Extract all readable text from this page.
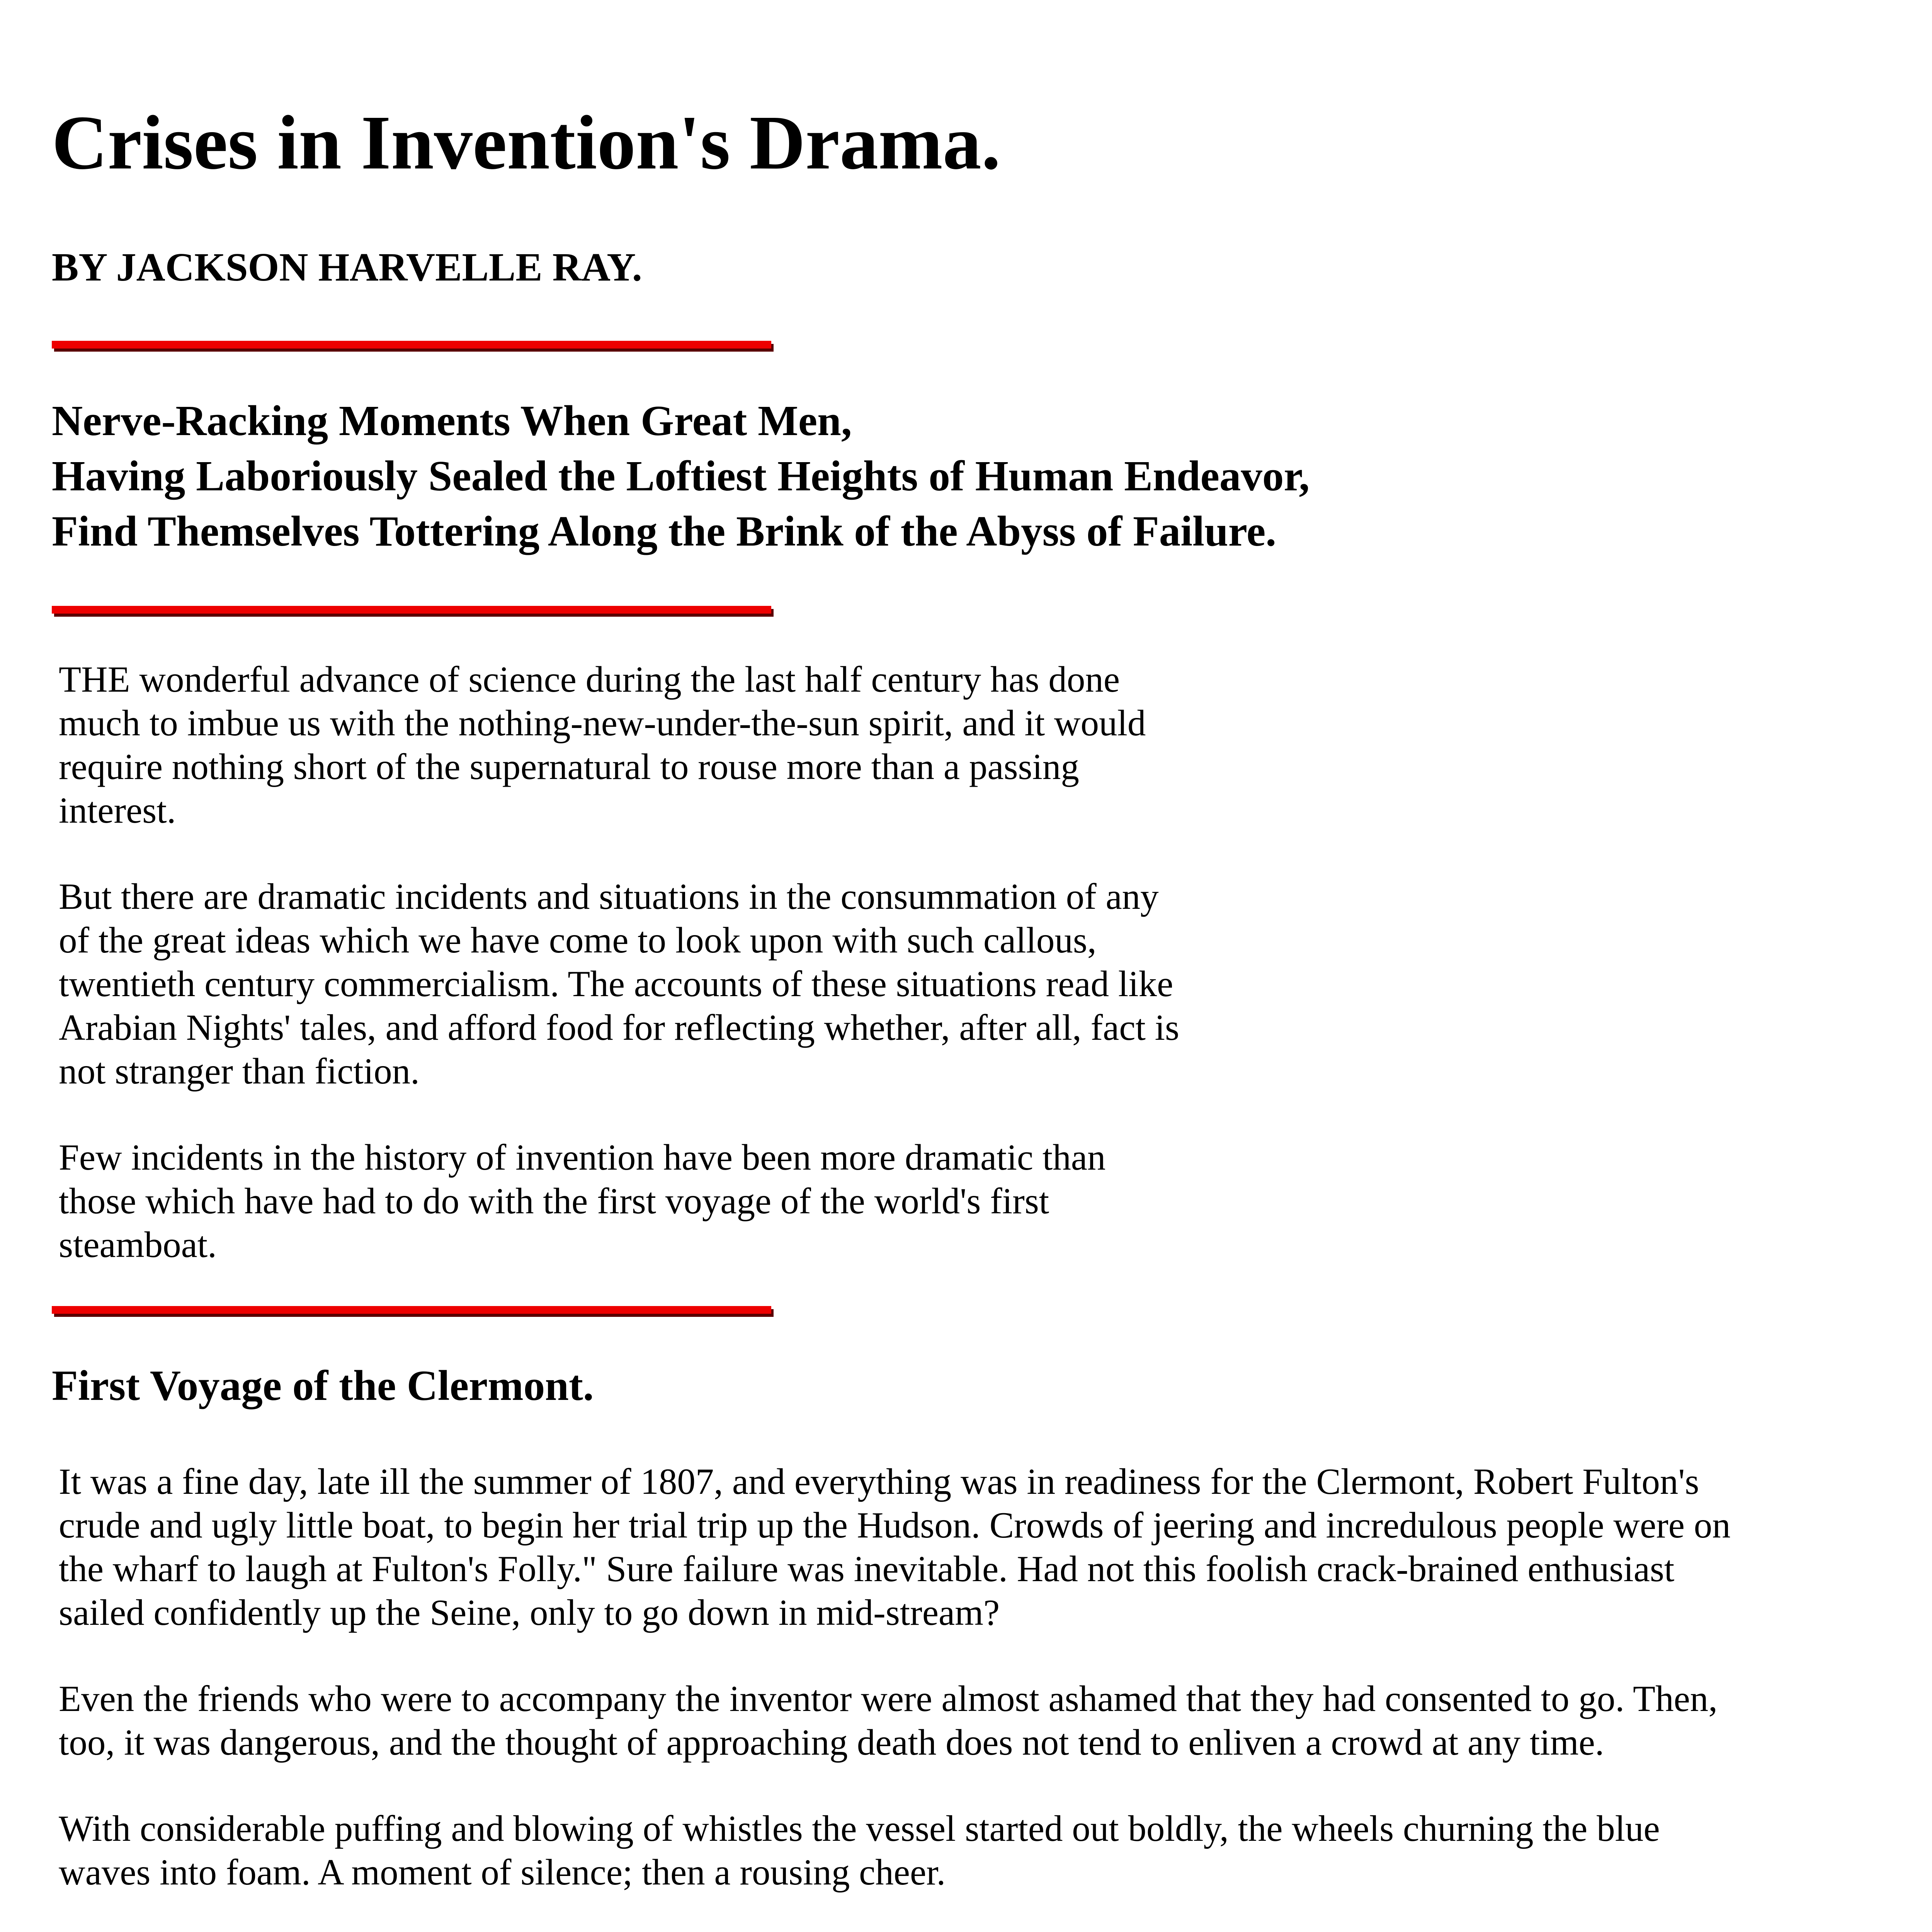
Crises in Invention's Drama.
BY JACKSON HARVELLE RAY.
Nerve-Racking Moments When Great Men,
Having Laboriously Sealed the Loftiest Heights of Human Endeavor,
Find Themselves Tottering Along the Brink of the Abyss of Failure.

THE wonderful advance of science during the last half century has done much to imbue us with the nothing-new-under-the-sun spirit, and it would require nothing short of the supernatural to rouse more than a passing interest.

But there are dramatic incidents and situations in the consummation of any of the great ideas which we have come to look upon with such callous, twentieth century commercialism. The accounts of these situations read like Arabian Nights' tales, and afford food for reflecting whether, after all, fact is not stranger than fiction.

Few incidents in the history of invention have been more dramatic than those which have had to do with the first voyage of the world's first steamboat.

First Voyage of the Clermont.

It was a fine day, late ill the summer of 1807, and everything was in readiness for the Clermont, Robert Fulton's crude and ugly little boat, to begin her trial trip up the Hudson. Crowds of jeering and incredulous people were on the wharf to laugh at Fulton's Folly." Sure failure was inevitable. Had not this foolish crack-brained enthusiast sailed confidently up the Seine, only to go down in mid-stream?

Even the friends who were to accompany the inventor were almost ashamed that they had consented to go. Then, too, it was dangerous, and the thought of approaching death does not tend to enliven a crowd at any time.

With considerable puffing and blowing of whistles the vessel started out boldly, the wheels churning the blue waves into foam. A moment of silence; then a rousing cheer.
